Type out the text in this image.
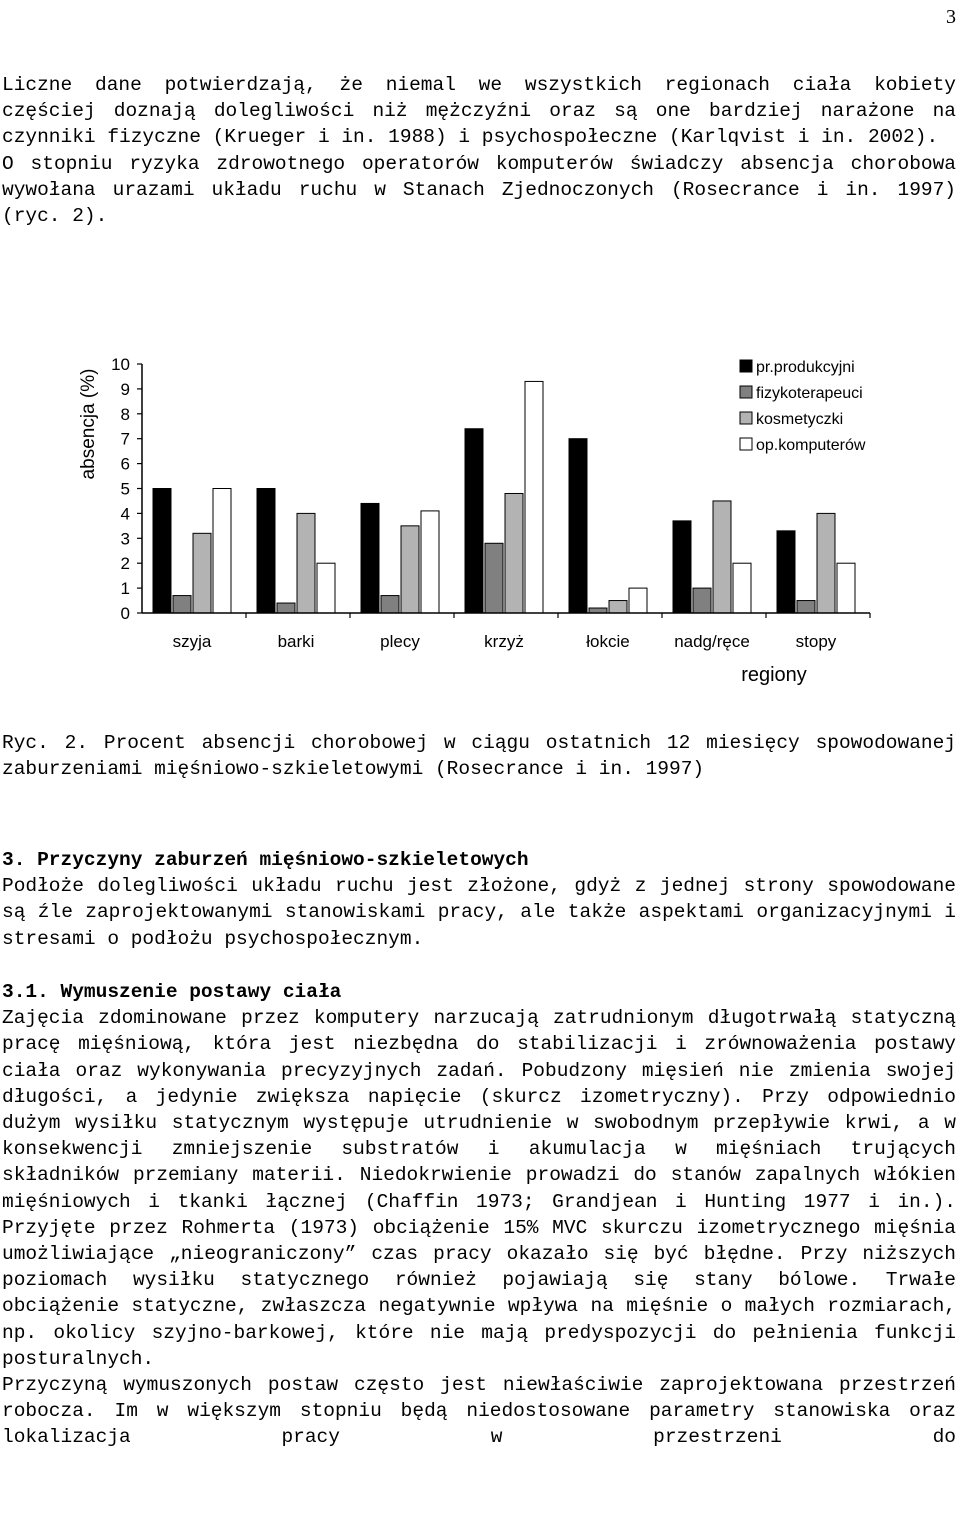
3

Liczne dane potwierdzają, że niemal we wszystkich regionach ciała kobiety częściej doznają dolegliwości niż mężczyźni oraz są one bardziej narażone na czynniki fizyczne (Krueger i in. 1988) i psychospołeczne (Karlqvist i in. 2002).

O stopniu ryzyka zdrowotnego operatorów komputerów świadczy absencja chorobowa wywołana urazami układu ruchu w Stanach Zjednoczonych (Rosecrance i in. 1997)(ryc. 2).

0
1
2
3
4
5
6
7
8
9
10
szyja	barki	plecy	krzyż	łokcie	nadg/ręce	stopy
pr.produkcyjni
fizykoterapeuci
kosmetyczki
op.komputerów
absencja (%)
regiony

Ryc. 2. Procent absencji chorobowej w ciągu ostatnich 12 miesięcy spowodowanej zaburzeniami mięśniowo-szkieletowymi (Rosecrance i in. 1997)

3. Przyczyny zaburzeń mięśniowo-szkieletowych

Podłoże dolegliwości układu ruchu jest złożone, gdyż z jednej strony spowodowane są źle zaprojektowanymi stanowiskami pracy, ale także aspektami organizacyjnymi i stresami o podłożu psychospołecznym.

3.1. Wymuszenie postawy ciała

Zajęcia zdominowane przez komputery narzucają zatrudnionym długotrwałą statyczną pracę mięśniową, która jest niezbędna do stabilizacji i zrównoważenia postawy ciała oraz wykonywania precyzyjnych zadań. Pobudzony mięsień nie zmienia swojej długości, a jedynie zwiększa napięcie (skurcz izometryczny). Przy odpowiednio dużym wysiłku statycznym występuje utrudnienie w swobodnym przepływie krwi, a w konsekwencji zmniejszenie substratów i akumulacja w mięśniach trujących składników przemiany materii. Niedokrwienie prowadzi do stanów zapalnych włókien mięśniowych i tkanki łącznej (Chaffin 1973; Grandjean i Hunting 1977 i in.). Przyjęte przez Rohmerta (1973) obciążenie 15% MVC skurczu izometrycznego mięśnia umożliwiające „nieograniczony” czas pracy okazało się być błędne. Przy niższych poziomach wysiłku statycznego również pojawiają się stany bólowe. Trwałe obciążenie statyczne, zwłaszcza negatywnie wpływa na mięśnie o małych rozmiarach, np. okolicy szyjno-barkowej, które nie mają predyspozycji do pełnienia funkcji posturalnych.

Przyczyną wymuszonych postaw często jest niewłaściwie zaprojektowana przestrzeń robocza. Im w większym stopniu będą niedostosowane parametry stanowiska oraz lokalizacja pracy w przestrzeni do
